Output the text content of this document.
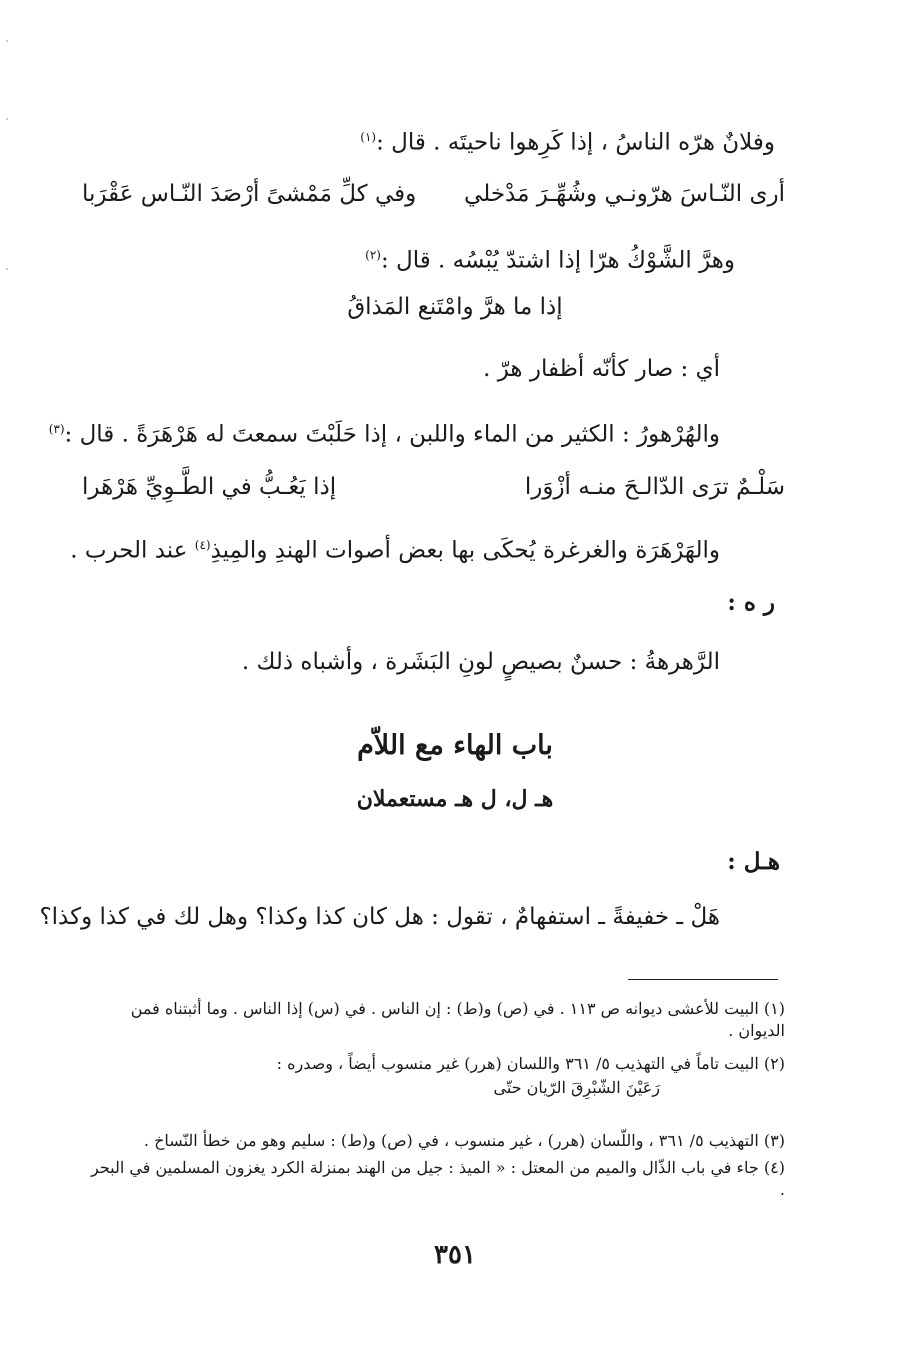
وفلانٌ هرّه الناسُ ، إذا كَرِهوا ناحيتَه . قال :$^{(١)}$
أرى النّـاسَ هرّونـي وشُهِّـرَ مَدْخلي
وفي كلِّ مَمْشىً أرْصَدَ النّـاس عَقْرَبا
وهرَّ الشَّوْكُ هرّا إذا اشتدّ يُبْسُه . قال :$^{(٢)}$
إذا ما هرَّ وامْتَنع المَذاقُ
أي : صار كأنّه أظفار هرّ .
والهُرْهورُ : الكثير من الماء واللبن ، إذا حَلَبْتَ سمعتَ له هَرْهَرَةً . قال :$^{(٣)}$
سَلْـمٌ ترَى الدّالـحَ منـه أزْوَرا
إذا يَعُـبُّ في الطَّـوِيِّ هَرْهَرا
والهَرْهَرَة والغرغرة يُحكَى بها بعض أصوات الهندِ والمِيذِ$^{(٤)}$ عند الحرب .
ر ه :
الرَّهرهةُ : حسنٌ بصيصٍ لونِ البَشَرة ، وأشباه ذلك .
باب الهاء مع اللاّم
هـ ل، ل هـ مستعملان
هـل :
هَلْ ـ خفيفةً ـ استفهامٌ ، تقول : هل كان كذا وكذا؟ وهل لك في كذا وكذا؟
(١) البيت للأعشى ديوانه ص ١١٣ . في (ص) و(ط) : إن الناس . في (س) إذا الناس . وما أثبتناه فمن الديوان .
(٢) البيت تاماً في التهذيب ٥/ ٣٦١ واللسان (هرر) غير منسوب أيضاً ، وصدره :
رَعَيْنَ الشّبْرِقَ الرّيان حتّى
(٣) التهذيب ٥/ ٣٦١ ، واللّسان (هرر) ، غير منسوب ، في (ص) و(ط) : سليم وهو من خطأ النّساخ .
(٤) جاء في باب الذّال والميم من المعتل : « الميذ : جيل من الهند بمنزلة الكرد يغزون المسلمين في البحر .
٣٥١
